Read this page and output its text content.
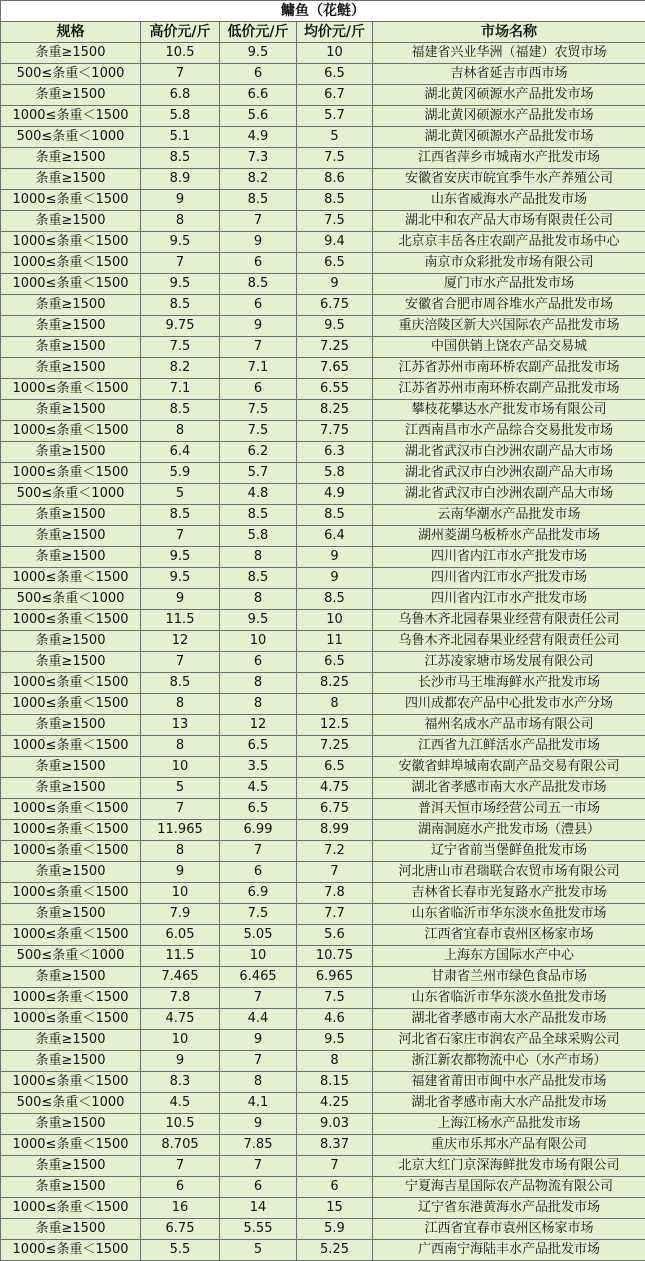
鳙鱼（花鲢）				
规格	高价元/斤	低价元/斤	均价元/斤	市场名称
条重≥1500	10.5	9.5	10	福建省兴业华洲（福建）农贸市场
500≤条重＜1000	7	6	6.5	吉林省延吉市西市场
条重≥1500	6.8	6.6	6.7	湖北黄冈硕源水产品批发市场
1000≤条重＜1500	5.8	5.6	5.7	湖北黄冈硕源水产品批发市场
500≤条重＜1000	5.1	4.9	5	湖北黄冈硕源水产品批发市场
条重≥1500	8.5	7.3	7.5	江西省萍乡市城南水产批发市场
条重≥1500	8.9	8.2	8.6	安徽省安庆市皖宜季牛水产养殖公司
1000≤条重＜1500	9	8.5	8.5	山东省威海水产品批发市场
条重≥1500	8	7	7.5	湖北中和农产品大市场有限责任公司
1000≤条重＜1500	9.5	9	9.4	北京京丰岳各庄农副产品批发市场中心
1000≤条重＜1500	7	6	6.5	南京市众彩批发市场有限公司
1000≤条重＜1500	9.5	8.5	9	厦门市水产品批发市场
条重≥1500	8.5	6	6.75	安徽省合肥市周谷堆水产品批发市场
条重≥1500	9.75	9	9.5	重庆涪陵区新大兴国际农产品批发市场
条重≥1500	7.5	7	7.25	中国供销上饶农产品交易城
条重≥1500	8.2	7.1	7.65	江苏省苏州市南环桥农副产品批发市场
1000≤条重＜1500	7.1	6	6.55	江苏省苏州市南环桥农副产品批发市场
条重≥1500	8.5	7.5	8.25	攀枝花攀达水产批发市场有限公司
1000≤条重＜1500	8	7.5	7.75	江西南昌市水产品综合交易批发市场
条重≥1500	6.4	6.2	6.3	湖北省武汉市白沙洲农副产品大市场
1000≤条重＜1500	5.9	5.7	5.8	湖北省武汉市白沙洲农副产品大市场
500≤条重＜1000	5	4.8	4.9	湖北省武汉市白沙洲农副产品大市场
条重≥1500	8.5	8.5	8.5	云南华潮水产品批发市场
条重≥1500	7	5.8	6.4	湖州菱湖乌板桥水产品批发市场
条重≥1500	9.5	8	9	四川省内江市水产批发市场
1000≤条重＜1500	9.5	8.5	9	四川省内江市水产批发市场
500≤条重＜1000	9	8	8.5	四川省内江市水产批发市场
1000≤条重＜1500	11.5	9.5	10	乌鲁木齐北园春果业经营有限责任公司
条重≥1500	12	10	11	乌鲁木齐北园春果业经营有限责任公司
条重≥1500	7	6	6.5	江苏凌家塘市场发展有限公司
1000≤条重＜1500	8.5	8	8.25	长沙市马王堆海鲜水产批发市场
1000≤条重＜1500	8	8	8	四川成都农产品中心批发市水产分场
条重≥1500	13	12	12.5	福州名成水产品市场有限公司
1000≤条重＜1500	8	6.5	7.25	江西省九江鲜活水产品批发市场
条重≥1500	10	3.5	6.5	安徽省蚌埠城南农副产品交易有限公司
条重≥1500	5	4.5	4.75	湖北省孝感市南大水产品批发市场
1000≤条重＜1500	7	6.5	6.75	普洱天恒市场经营公司五一市场
1000≤条重＜1500	11.965	6.99	8.99	湖南洞庭水产批发市场（澧县）
1000≤条重＜1500	8	7	7.2	辽宁省前当堡鲜鱼批发市场
条重≥1500	9	6	7	河北唐山市君瑞联合农贸市场有限公司
1000≤条重＜1500	10	6.9	7.8	吉林省长春市光复路水产批发市场
条重≥1500	7.9	7.5	7.7	山东省临沂市华东淡水鱼批发市场
1000≤条重＜1500	6.05	5.05	5.6	江西省宜春市袁州区杨家市场
500≤条重＜1000	11.5	10	10.75	上海东方国际水产中心
条重≥1500	7.465	6.465	6.965	甘肃省兰州市绿色食品市场
1000≤条重＜1500	7.8	7	7.5	山东省临沂市华东淡水鱼批发市场
1000≤条重＜1500	4.75	4.4	4.6	湖北省孝感市南大水产品批发市场
条重≥1500	10	9	9.5	河北省石家庄市润农产品全球采购公司
条重≥1500	9	7	8	浙江新农都物流中心（水产市场）
1000≤条重＜1500	8.3	8	8.15	福建省莆田市闽中水产品批发市场
500≤条重＜1000	4.5	4.1	4.25	湖北省孝感市南大水产品批发市场
条重≥1500	10.5	9	9.03	上海江杨水产品批发市场
1000≤条重＜1500	8.705	7.85	8.37	重庆市乐邦水产品有限公司
条重≥1500	7	7	7	北京大红门京深海鲜批发市场有限公司
条重≥1500	6	6	6	宁夏海吉星国际农产品物流有限公司
1000≤条重＜1500	16	14	15	辽宁省东港黄海水产品批发市场
条重≥1500	6.75	5.55	5.9	江西省宜春市袁州区杨家市场
1000≤条重＜1500	5.5	5	5.25	广西南宁海陆丰水产品批发市场
